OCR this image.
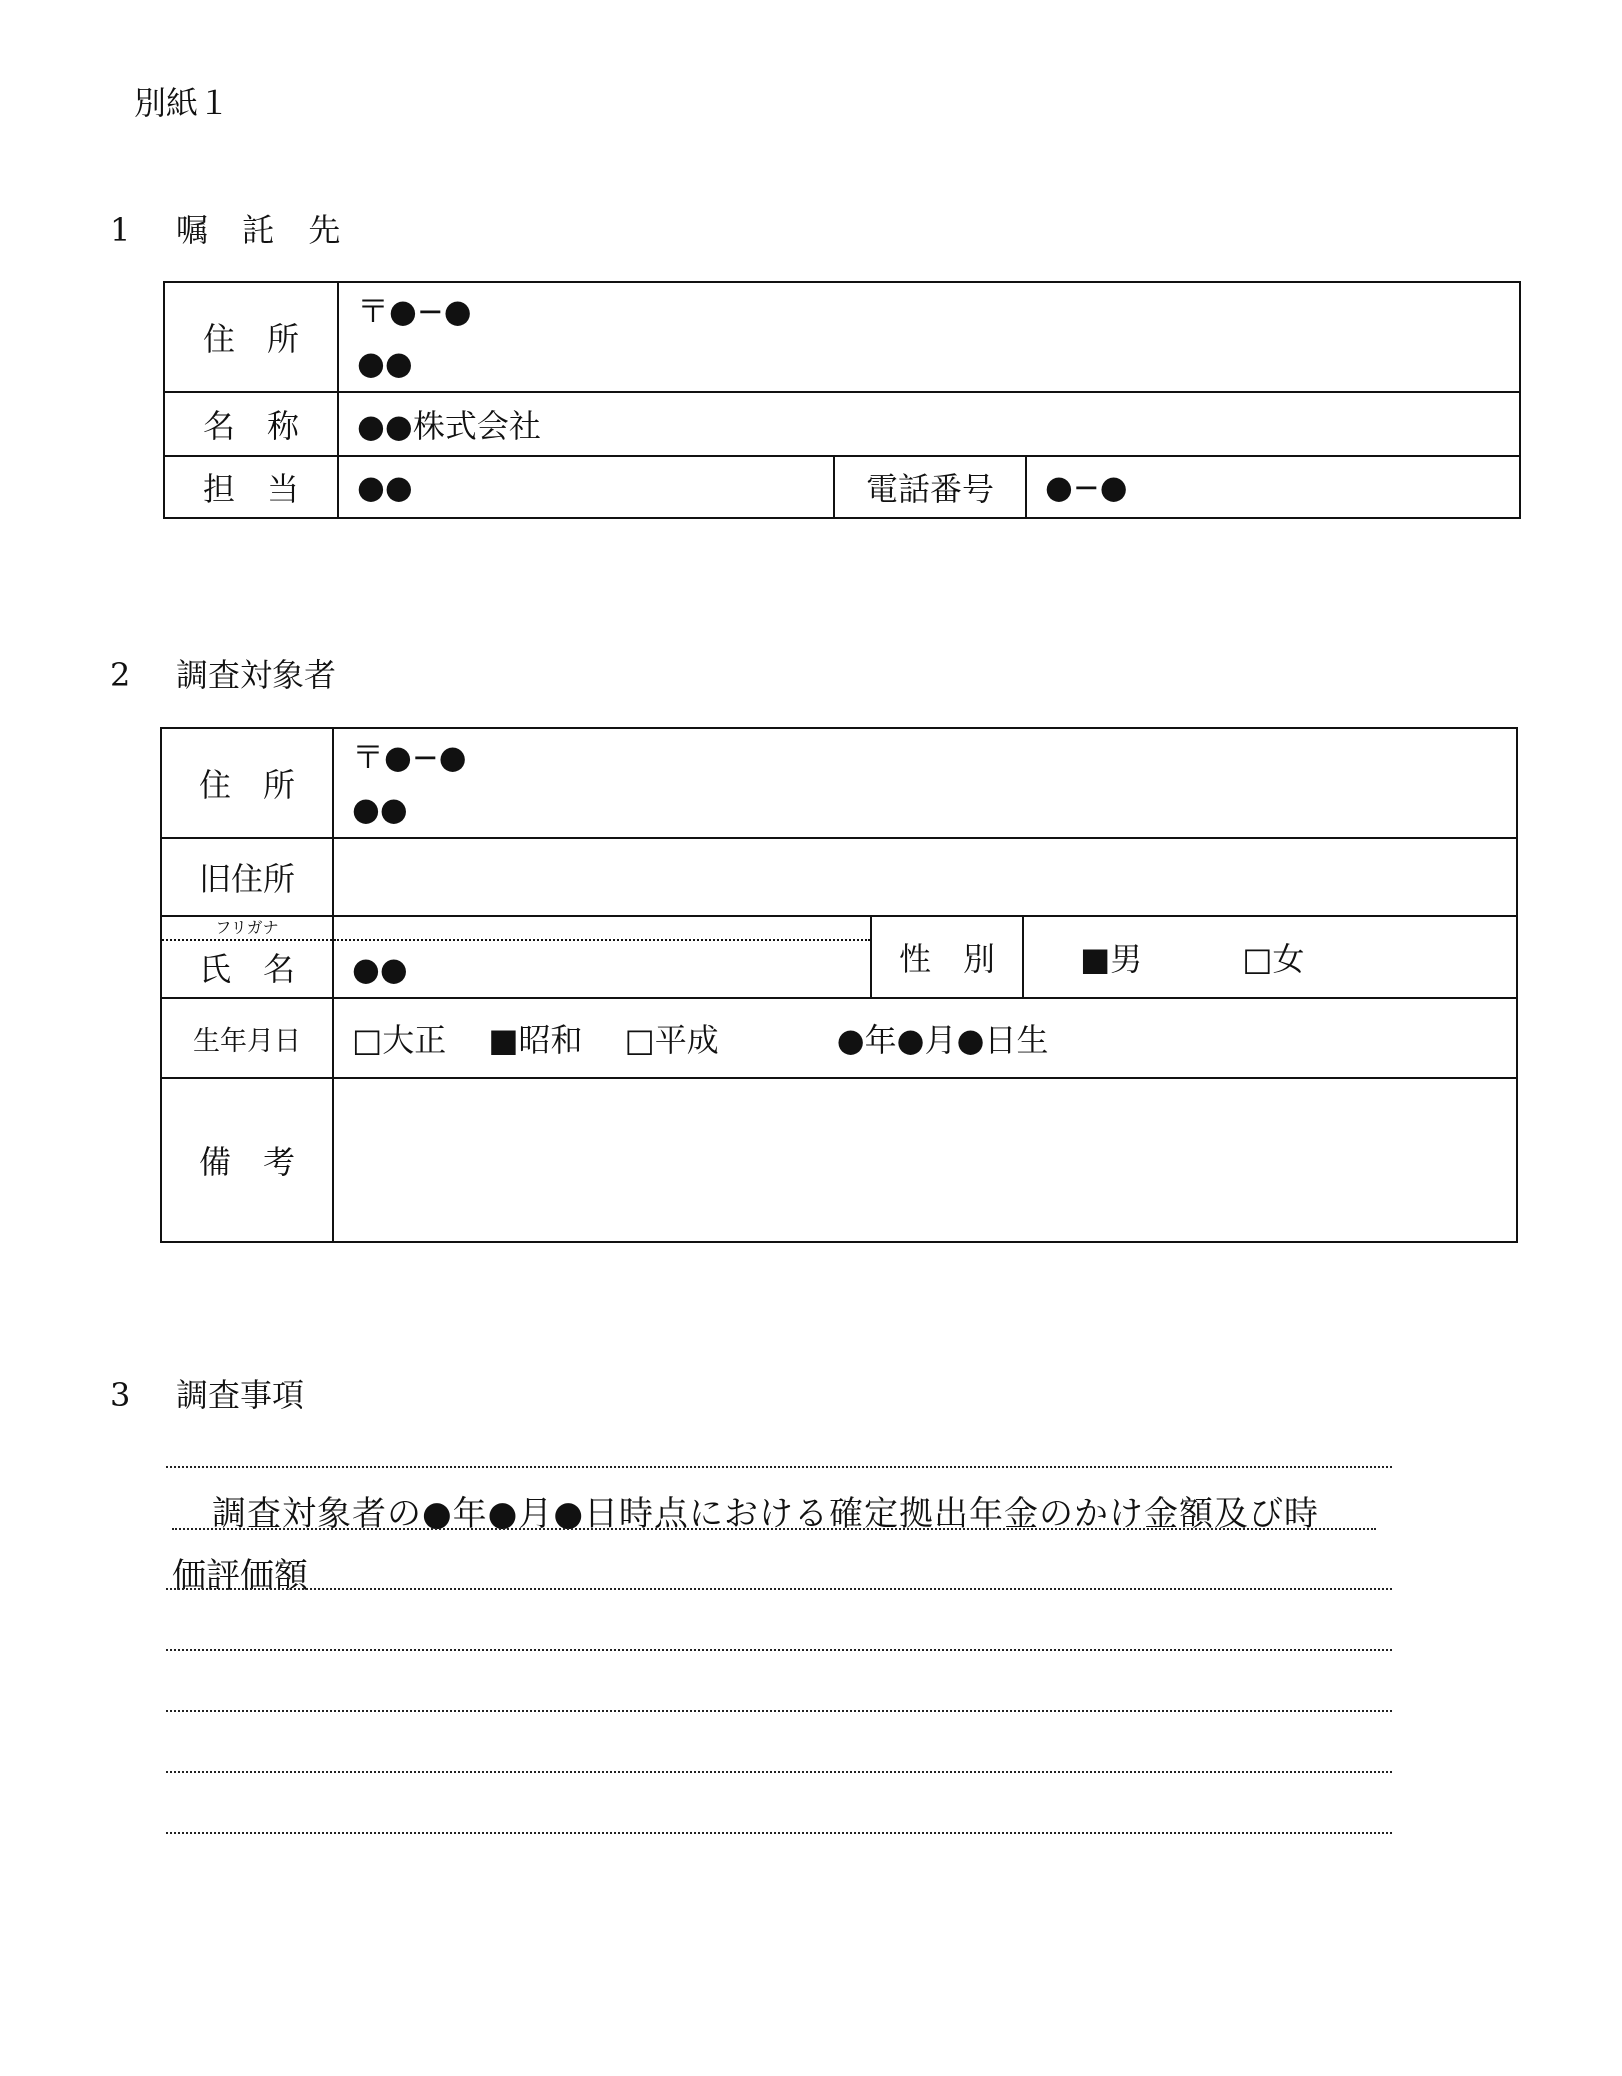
別紙１
1 嘱 託 先
住　所	〒●−●
●●		

名　称	●●株式会社		
担　当	●●	電話番号	●−●
2 調査対象者
住　所	〒●−●
●●		

旧住所			

フリガナ
氏　名	●●	性　別	■男 □女
生年月日	□大正 ■昭和 □平成 ●年●月●日生		
備　考			
3 調査事項
調査対象者の●年●月●日時点における確定拠出年金のかけ金額及び時
価評価額
